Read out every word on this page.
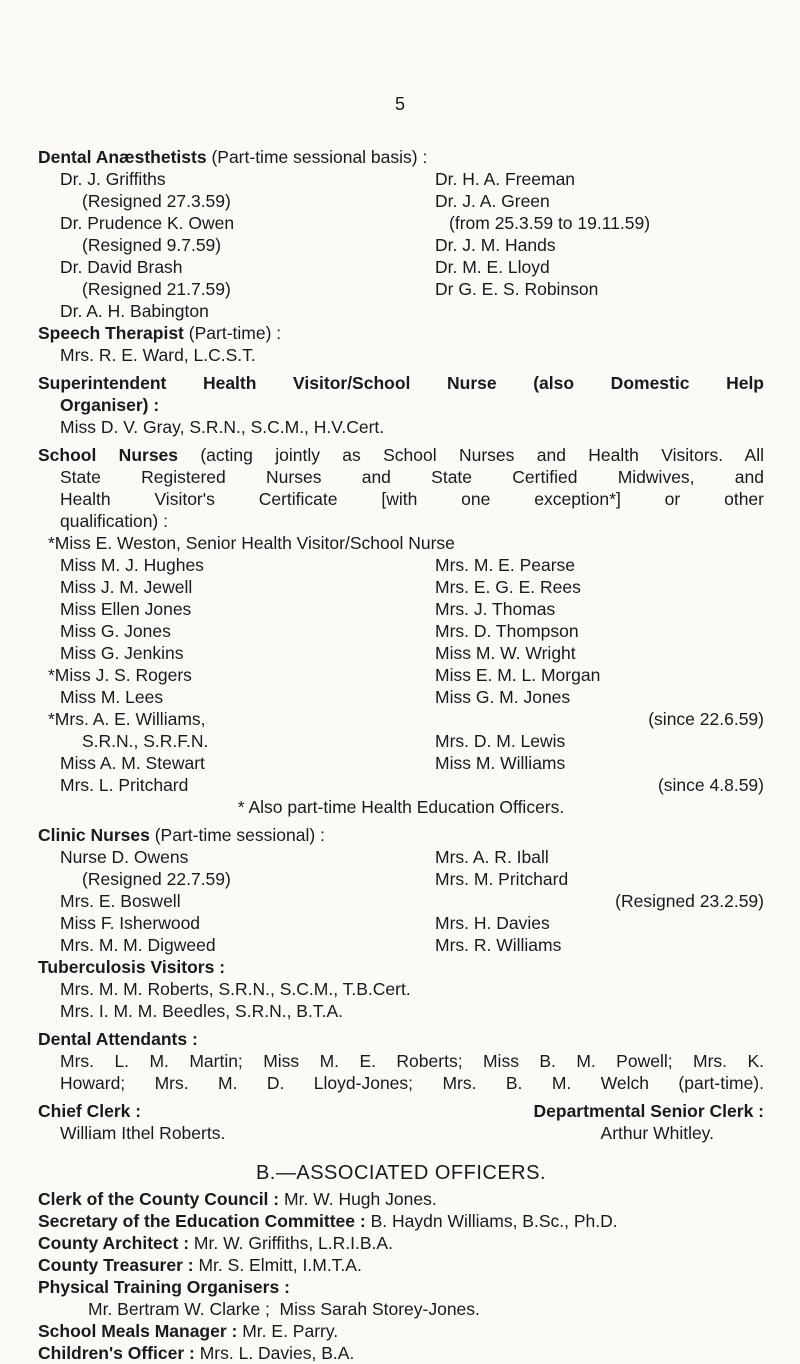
5
Dental Anæsthetists (Part-time sessional basis) :
Dr. J. Griffiths
(Resigned 27.3.59)
Dr. Prudence K. Owen
(Resigned 9.7.59)
Dr. David Brash
(Resigned 21.7.59)
Dr. A. H. Babington
Dr. H. A. Freeman
Dr. J. A. Green
(from 25.3.59 to 19.11.59)
Dr. J. M. Hands
Dr. M. E. Lloyd
Dr G. E. S. Robinson
Speech Therapist (Part-time) :
Mrs. R. E. Ward, L.C.S.T.
Superintendent Health Visitor/School Nurse (also Domestic Help
Organiser) :
Miss D. V. Gray, S.R.N., S.C.M., H.V.Cert.
School Nurses (acting jointly as School Nurses and Health Visitors. All
State Registered Nurses and State Certified Midwives, and
Health Visitor's Certificate [with one exception*] or other
qualification) :
*Miss E. Weston, Senior Health Visitor/School Nurse
Miss M. J. Hughes
Miss J. M. Jewell
Miss Ellen Jones
Miss G. Jones
Miss G. Jenkins
*Miss J. S. Rogers
Miss M. Lees
*Mrs. A. E. Williams,
S.R.N., S.R.F.N.
Miss A. M. Stewart
Mrs. L. Pritchard
Mrs. M. E. Pearse
Mrs. E. G. E. Rees
Mrs. J. Thomas
Mrs. D. Thompson
Miss M. W. Wright
Miss E. M. L. Morgan
Miss G. M. Jones
(since 22.6.59)
Mrs. D. M. Lewis
Miss M. Williams
(since 4.8.59)
* Also part-time Health Education Officers.
Clinic Nurses (Part-time sessional) :
Nurse D. Owens
(Resigned 22.7.59)
Mrs. E. Boswell
Miss F. Isherwood
Mrs. M. M. Digweed
Mrs. A. R. Iball
Mrs. M. Pritchard
(Resigned 23.2.59)
Mrs. H. Davies
Mrs. R. Williams
Tuberculosis Visitors :
Mrs. M. M. Roberts, S.R.N., S.C.M., T.B.Cert.
Mrs. I. M. M. Beedles, S.R.N., B.T.A.
Dental Attendants :
Mrs. L. M. Martin; Miss M. E. Roberts; Miss B. M. Powell; Mrs. K.
Howard; Mrs. M. D. Lloyd-Jones; Mrs. B. M. Welch (part-time).
Chief Clerk :	Departmental Senior Clerk :
William Ithel Roberts.	Arthur Whitley.
B.—ASSOCIATED OFFICERS.
Clerk of the County Council : Mr. W. Hugh Jones.
Secretary of the Education Committee : B. Haydn Williams, B.Sc., Ph.D.
County Architect : Mr. W. Griffiths, L.R.I.B.A.
County Treasurer : Mr. S. Elmitt, I.M.T.A.
Physical Training Organisers :
Mr. Bertram W. Clarke ;  Miss Sarah Storey-Jones.
School Meals Manager : Mr. E. Parry.
Children's Officer : Mrs. L. Davies, B.A.
